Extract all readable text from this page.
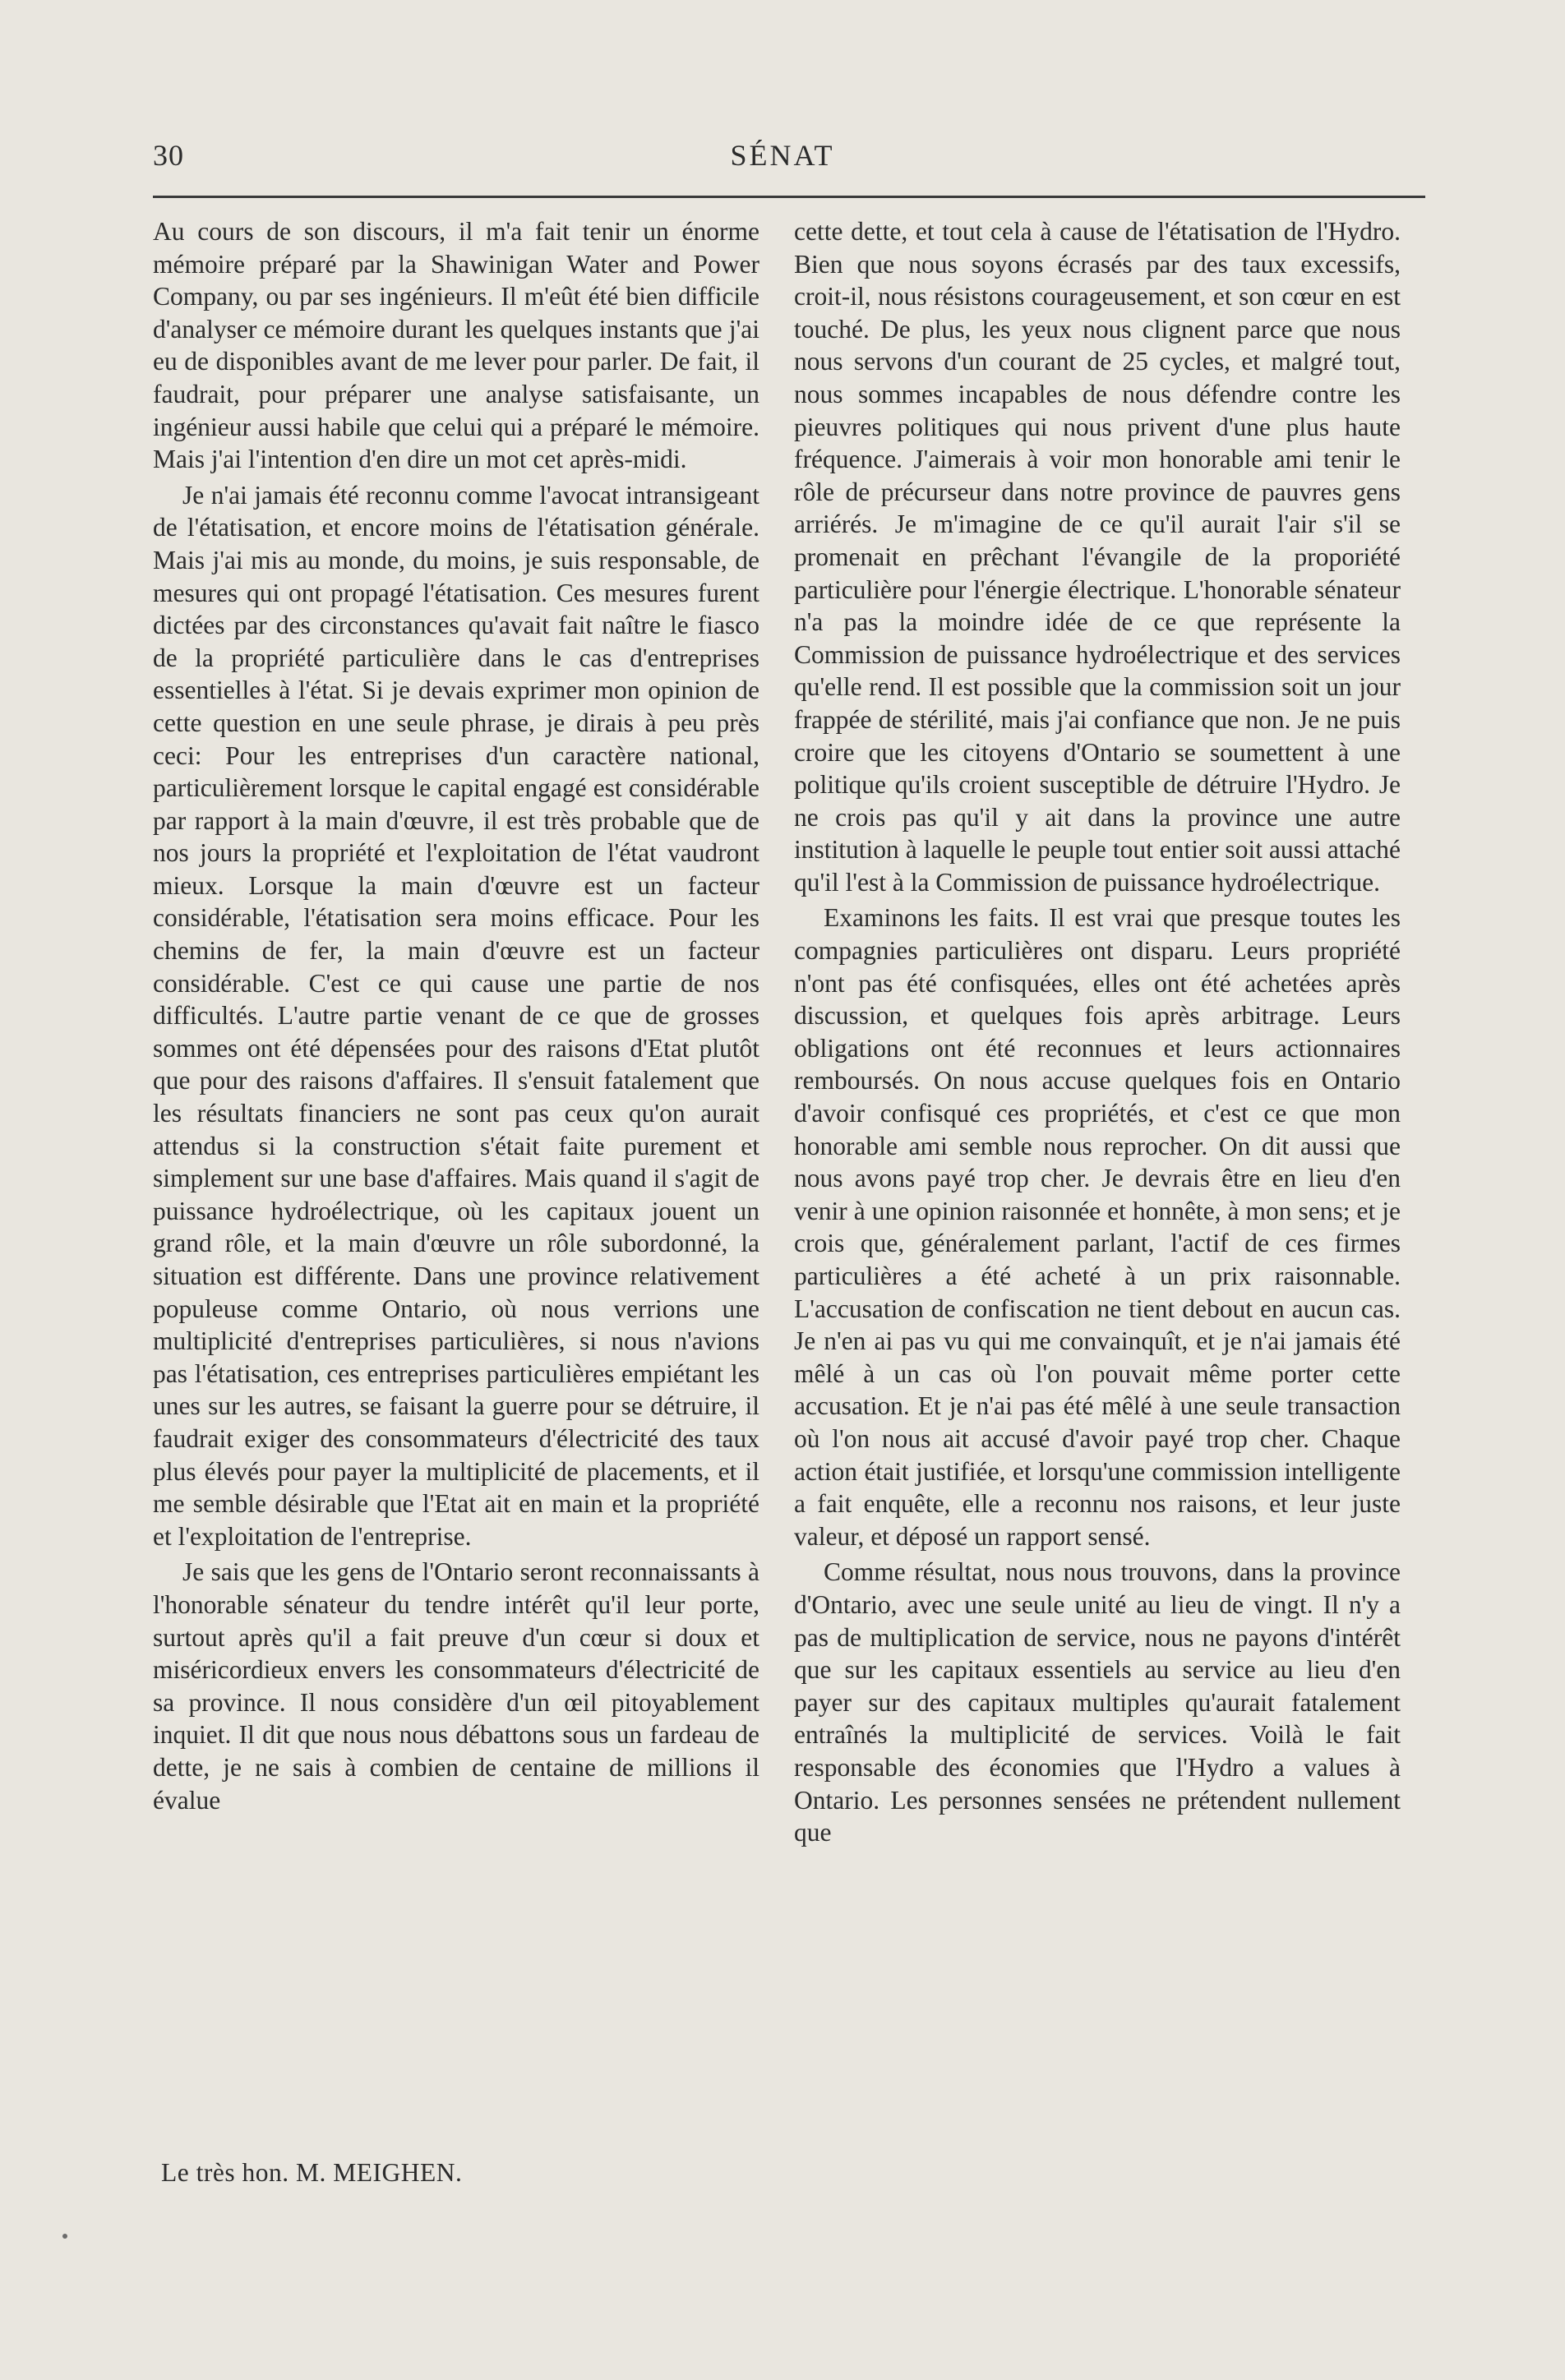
30	SÉNAT

Au cours de son discours, il m'a fait tenir un énorme mémoire préparé par la Shawinigan Water and Power Company, ou par ses ingénieurs. Il m'eût été bien difficile d'analyser ce mémoire durant les quelques instants que j'ai eu de disponibles avant de me lever pour parler. De fait, il faudrait, pour préparer une analyse satisfaisante, un ingénieur aussi habile que celui qui a préparé le mémoire. Mais j'ai l'intention d'en dire un mot cet après-midi.

Je n'ai jamais été reconnu comme l'avocat intransigeant de l'étatisation, et encore moins de l'étatisation générale. Mais j'ai mis au monde, du moins, je suis responsable, de mesures qui ont propagé l'étatisation. Ces mesures furent dictées par des circonstances qu'avait fait naître le fiasco de la propriété particulière dans le cas d'entreprises essentielles à l'état. Si je devais exprimer mon opinion de cette question en une seule phrase, je dirais à peu près ceci: Pour les entreprises d'un caractère national, particulièrement lorsque le capital engagé est considérable par rapport à la main d'œuvre, il est très probable que de nos jours la propriété et l'exploitation de l'état vaudront mieux. Lorsque la main d'œuvre est un facteur considérable, l'étatisation sera moins efficace. Pour les chemins de fer, la main d'œuvre est un facteur considérable. C'est ce qui cause une partie de nos difficultés. L'autre partie venant de ce que de grosses sommes ont été dépensées pour des raisons d'Etat plutôt que pour des raisons d'affaires. Il s'ensuit fatalement que les résultats financiers ne sont pas ceux qu'on aurait attendus si la construction s'était faite purement et simplement sur une base d'affaires. Mais quand il s'agit de puissance hydroélectrique, où les capitaux jouent un grand rôle, et la main d'œuvre un rôle subordonné, la situation est différente. Dans une province relativement populeuse comme Ontario, où nous verrions une multiplicité d'entreprises particulières, si nous n'avions pas l'étatisation, ces entreprises particulières empiétant les unes sur les autres, se faisant la guerre pour se détruire, il faudrait exiger des consommateurs d'électricité des taux plus élevés pour payer la multiplicité de placements, et il me semble désirable que l'Etat ait en main et la propriété et l'exploitation de l'entreprise.

Je sais que les gens de l'Ontario seront reconnaissants à l'honorable sénateur du tendre intérêt qu'il leur porte, surtout après qu'il a fait preuve d'un cœur si doux et miséricordieux envers les consommateurs d'électricité de sa province. Il nous considère d'un œil pitoyablement inquiet. Il dit que nous nous débattons sous un fardeau de dette, je ne sais à combien de centaine de millions il évalue

Le très hon. M. MEIGHEN.

cette dette, et tout cela à cause de l'étatisation de l'Hydro. Bien que nous soyons écrasés par des taux excessifs, croit-il, nous résistons courageusement, et son cœur en est touché. De plus, les yeux nous clignent parce que nous nous servons d'un courant de 25 cycles, et malgré tout, nous sommes incapables de nous défendre contre les pieuvres politiques qui nous privent d'une plus haute fréquence. J'aimerais à voir mon honorable ami tenir le rôle de précurseur dans notre province de pauvres gens arriérés. Je m'imagine de ce qu'il aurait l'air s'il se promenait en prêchant l'évangile de la proporiété particulière pour l'énergie électrique. L'honorable sénateur n'a pas la moindre idée de ce que représente la Commission de puissance hydroélectrique et des services qu'elle rend. Il est possible que la commission soit un jour frappée de stérilité, mais j'ai confiance que non. Je ne puis croire que les citoyens d'Ontario se soumettent à une politique qu'ils croient susceptible de détruire l'Hydro. Je ne crois pas qu'il y ait dans la province une autre institution à laquelle le peuple tout entier soit aussi attaché qu'il l'est à la Commission de puissance hydroélectrique.

Examinons les faits. Il est vrai que presque toutes les compagnies particulières ont disparu. Leurs propriété n'ont pas été confisquées, elles ont été achetées après discussion, et quelques fois après arbitrage. Leurs obligations ont été reconnues et leurs actionnaires remboursés. On nous accuse quelques fois en Ontario d'avoir confisqué ces propriétés, et c'est ce que mon honorable ami semble nous reprocher. On dit aussi que nous avons payé trop cher. Je devrais être en lieu d'en venir à une opinion raisonnée et honnête, à mon sens; et je crois que, généralement parlant, l'actif de ces firmes particulières a été acheté à un prix raisonnable. L'accusation de confiscation ne tient debout en aucun cas. Je n'en ai pas vu qui me convainquît, et je n'ai jamais été mêlé à un cas où l'on pouvait même porter cette accusation. Et je n'ai pas été mêlé à une seule transaction où l'on nous ait accusé d'avoir payé trop cher. Chaque action était justifiée, et lorsqu'une commission intelligente a fait enquête, elle a reconnu nos raisons, et leur juste valeur, et déposé un rapport sensé.

Comme résultat, nous nous trouvons, dans la province d'Ontario, avec une seule unité au lieu de vingt. Il n'y a pas de multiplication de service, nous ne payons d'intérêt que sur les capitaux essentiels au service au lieu d'en payer sur des capitaux multiples qu'aurait fatalement entraînés la multiplicité de services. Voilà le fait responsable des économies que l'Hydro a values à Ontario. Les personnes sensées ne prétendent nullement que
